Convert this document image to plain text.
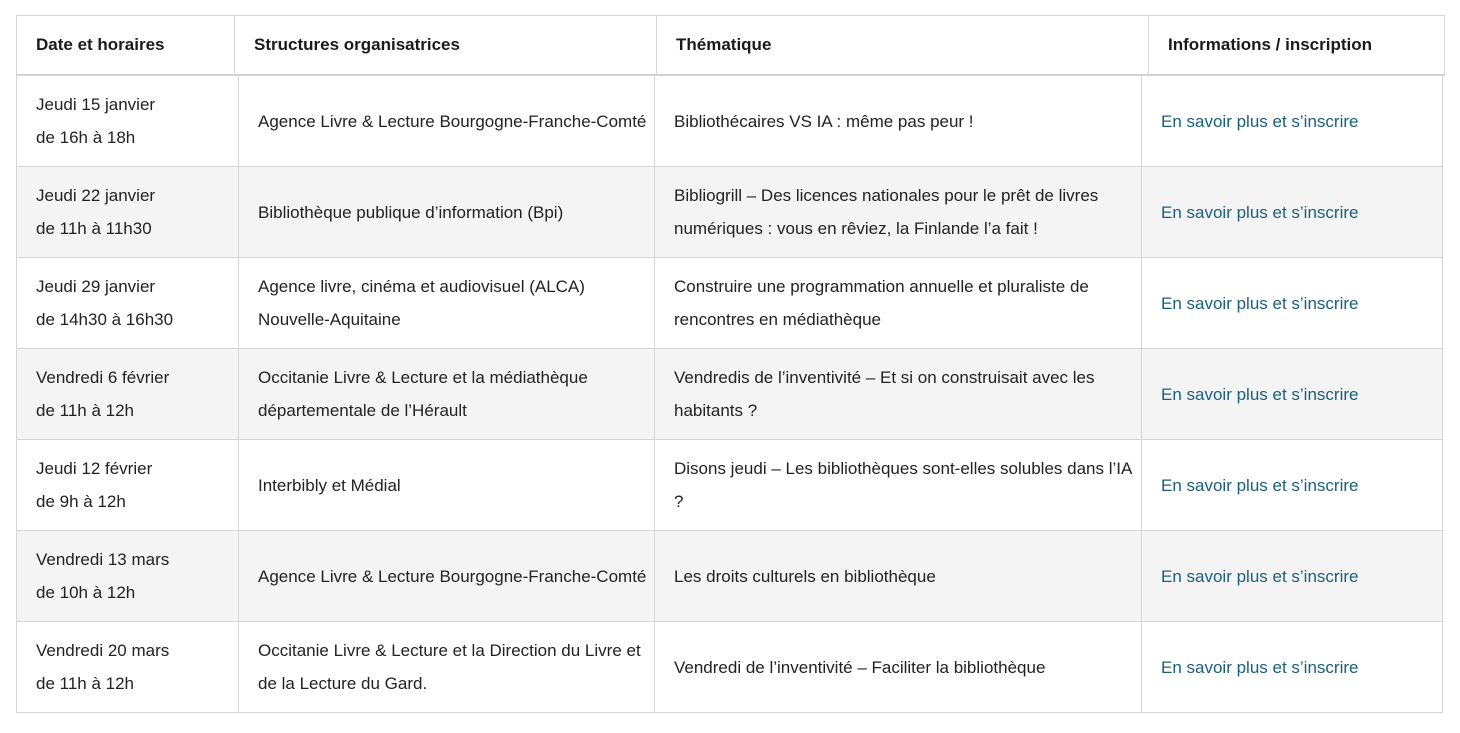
Date et horaires	Structures organisatrices	Thématique	Informations / inscription
Jeudi 15 janvier
de 16h à 18h	Agence Livre & Lecture Bourgogne-Franche-Comté	Bibliothécaires VS IA : même pas peur !	En savoir plus et s’inscrire

Jeudi 22 janvier
de 11h à 11h30	Bibliothèque publique d’information (Bpi)	Bibliogrill – Des licences nationales pour le prêt de livres numériques : vous en rêviez, la Finlande l’a fait !	En savoir plus et s’inscrire

Jeudi 29 janvier
de 14h30 à 16h30	Agence livre, cinéma et audiovisuel (ALCA) Nouvelle-Aquitaine	Construire une programmation annuelle et pluraliste de rencontres en médiathèque	En savoir plus et s’inscrire

Vendredi 6 février
de 11h à 12h	Occitanie Livre & Lecture et la médiathèque départementale de l’Hérault	Vendredis de l’inventivité – Et si on construisait avec les habitants ?	En savoir plus et s’inscrire

Jeudi 12 février
de 9h à 12h	Interbibly et Médial	Disons jeudi – Les bibliothèques sont-elles solubles dans l’IA ?	En savoir plus et s’inscrire

Vendredi 13 mars
de 10h à 12h	Agence Livre & Lecture Bourgogne-Franche-Comté	Les droits culturels en bibliothèque	En savoir plus et s’inscrire

Vendredi 20 mars
de 11h à 12h	Occitanie Livre & Lecture et la Direction du Livre et de la Lecture du Gard.	Vendredi de l’inventivité – Faciliter la bibliothèque	En savoir plus et s’inscrire
